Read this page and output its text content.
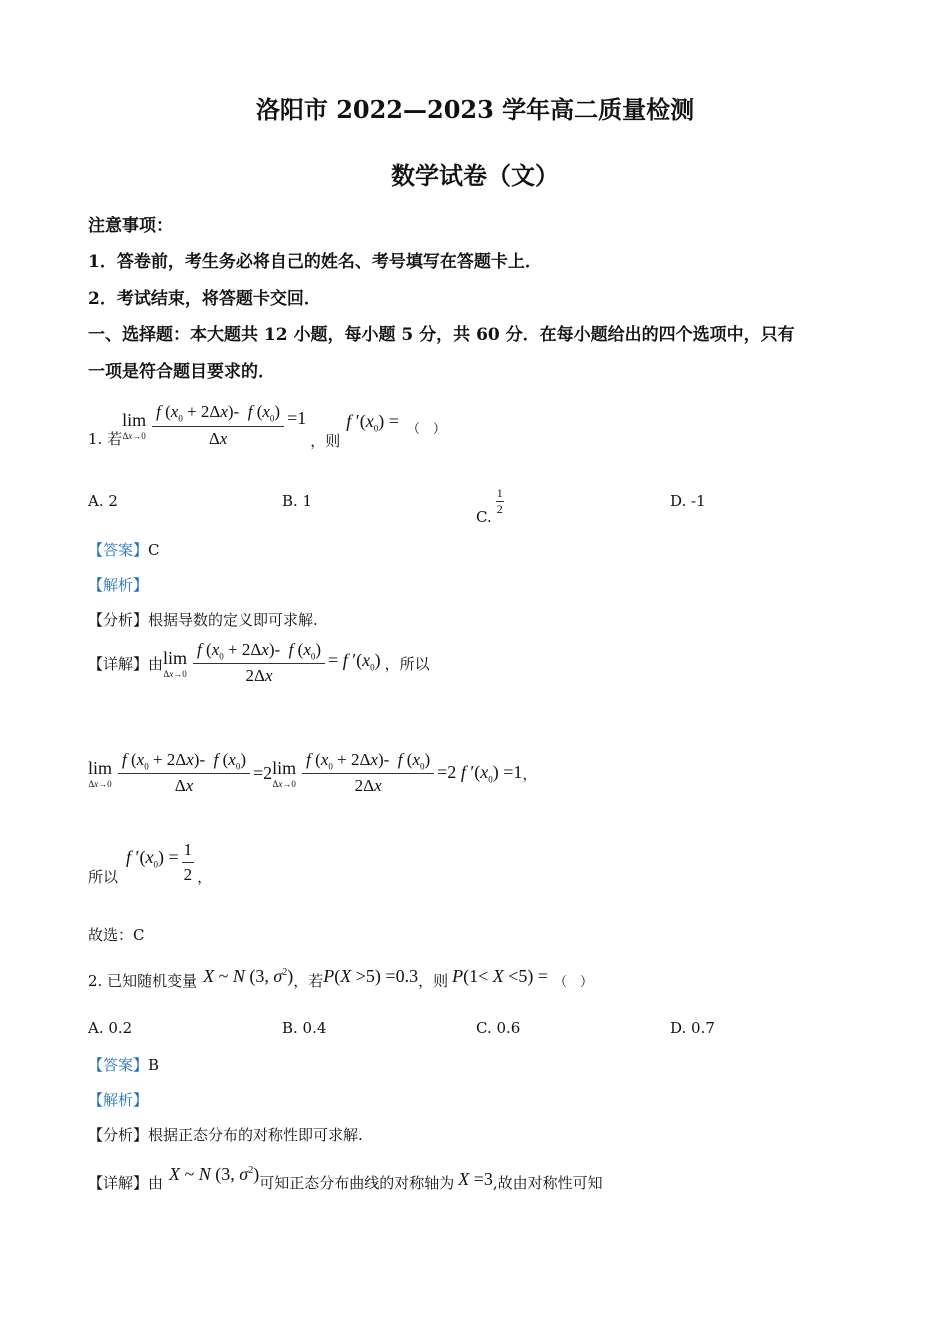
洛阳市 2022—2023 学年高二质量检测
数学试卷（文）
注意事项：
1．答卷前，考生务必将自己的姓名、考号填写在答题卡上．
2．考试结束，将答题卡交回．
一、选择题：本大题共 12 小题，每小题 5 分，共 60 分．在每小题给出的四个选项中，只有
一项是符合题目要求的．
1. 若
lim
$\Delta x\to 0 \frac{f (x_0 + 2\Delta x)- f (x_0)}{\Delta x} =1$
，则
f $'(x_0)$ = （　）
A. 2	B. 1
C.
$\frac{1}{2}$	D. -1
【答案】C
【解析】
【分析】根据导数的定义即可求解.
【详解】 由 lim
$\Delta x\to 0 \frac{f (x_0 + 2\Delta x)- f (x_0)}{2\Delta x} = f$ $'(x_0)$ ，所以
lim
$\Delta x\to 0 \frac{f (x_0 + 2\Delta x)- f (x_0)}{\Delta x} =2$ lim
$\Delta x\to 0 \frac{f (x_0 + 2\Delta x)- f (x_0)}{2\Delta x} =2$ f $'(x_0) =1$ ，
所以
f $'(x_0) = \frac{1}{2}$ ，
故选：C
2. 已知随机变量 X ~ N (3, $\sigma^2$) ，若 P(X >5) =0.3 ，则 P(1< X <5) = （　）
A. 0.2	B. 0.4	C. 0.6	D. 0.7
【答案】B
【解析】
【分析】根据正态分布的对称性即可求解.
【详解】 由 X ~ N (3, $\sigma^2$) 可知正态分布曲线的对称轴为 X =3 ,故由对称性可知
